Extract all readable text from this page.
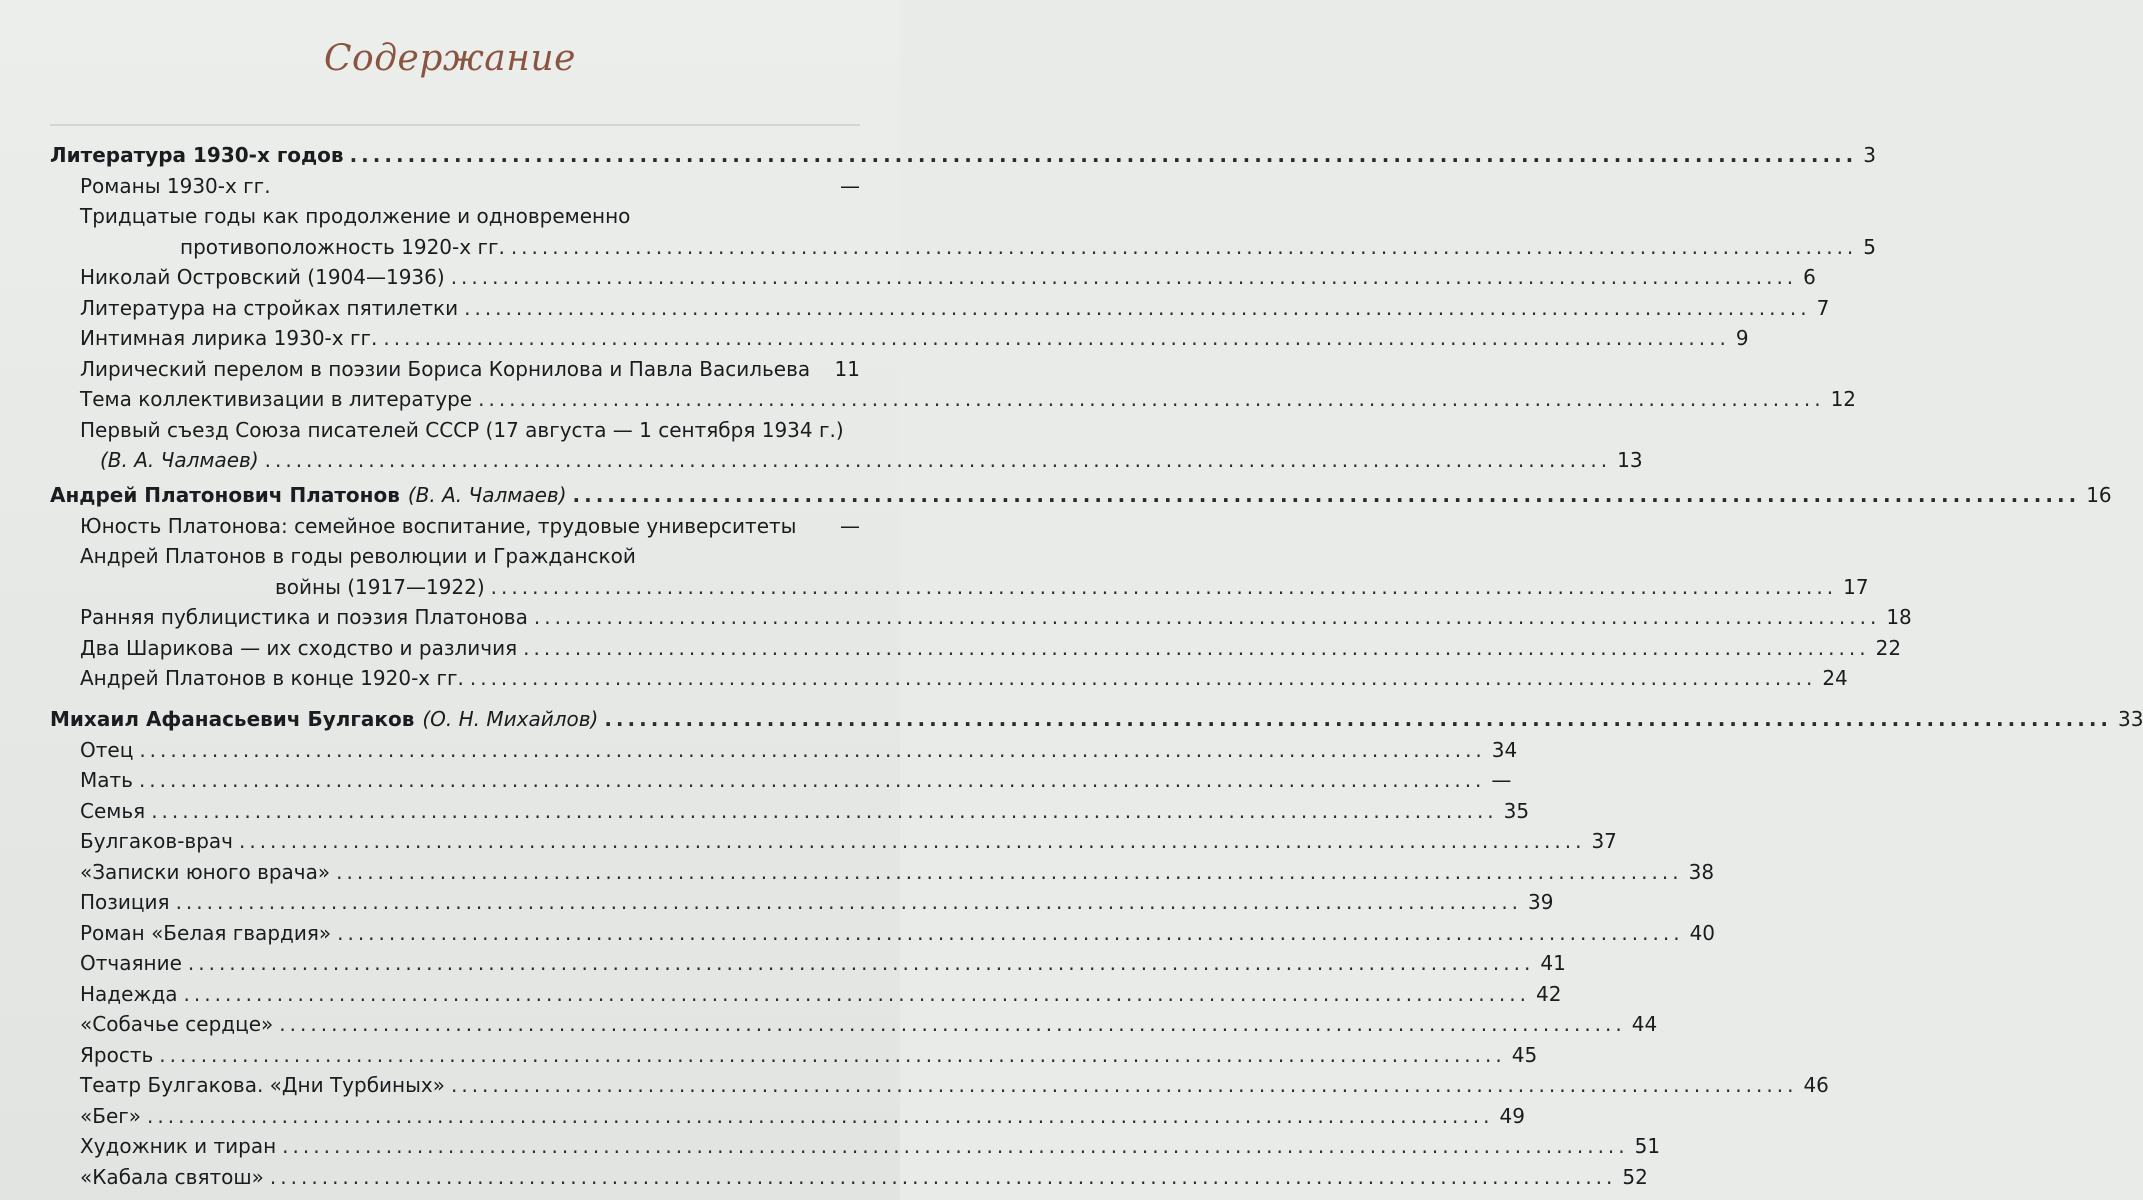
Содержание
Литература 1930-х годов .................................................................................................................................. 3
Романы 1930-х гг.	—
Тридцатые годы как продолжение и одновременно
противоположность 1920-х гг. .................................................................................................................................. 5
Николай Островский (1904—1936) .................................................................................................................................. 6
Литература на стройках пятилетки .................................................................................................................................. 7
Интимная лирика 1930-х гг. .................................................................................................................................. 9
Лирический перелом в поэзии Бориса Корнилова и Павла Васильева	11
Тема коллективизации в литературе .................................................................................................................................. 12
Первый съезд Союза писателей СССР (17 августа — 1 сентября 1934 г.)
(В. А. Чалмаев) .................................................................................................................................. 13
Андрей Платонович Платонов (В. А. Чалмаев) .................................................................................................................................. 16
Юность Платонова: семейное воспитание, трудовые университеты	—
Андрей Платонов в годы революции и Гражданской
войны (1917—1922) .................................................................................................................................. 17
Ранняя публицистика и поэзия Платонова .................................................................................................................................. 18
Два Шарикова — их сходство и различия .................................................................................................................................. 22
Андрей Платонов в конце 1920-х гг. .................................................................................................................................. 24
Михаил Афанасьевич Булгаков (О. Н. Михайлов) .................................................................................................................................. 33
Отец .................................................................................................................................. 34
Мать .................................................................................................................................. —
Семья .................................................................................................................................. 35
Булгаков-врач .................................................................................................................................. 37
«Записки юного врача» .................................................................................................................................. 38
Позиция .................................................................................................................................. 39
Роман «Белая гвардия» .................................................................................................................................. 40
Отчаяние .................................................................................................................................. 41
Надежда .................................................................................................................................. 42
«Собачье сердце» .................................................................................................................................. 44
Ярость .................................................................................................................................. 45
Театр Булгакова. «Дни Турбиных» .................................................................................................................................. 46
«Бег» .................................................................................................................................. 49
Художник и тиран .................................................................................................................................. 51
«Кабала святош» .................................................................................................................................. 52
